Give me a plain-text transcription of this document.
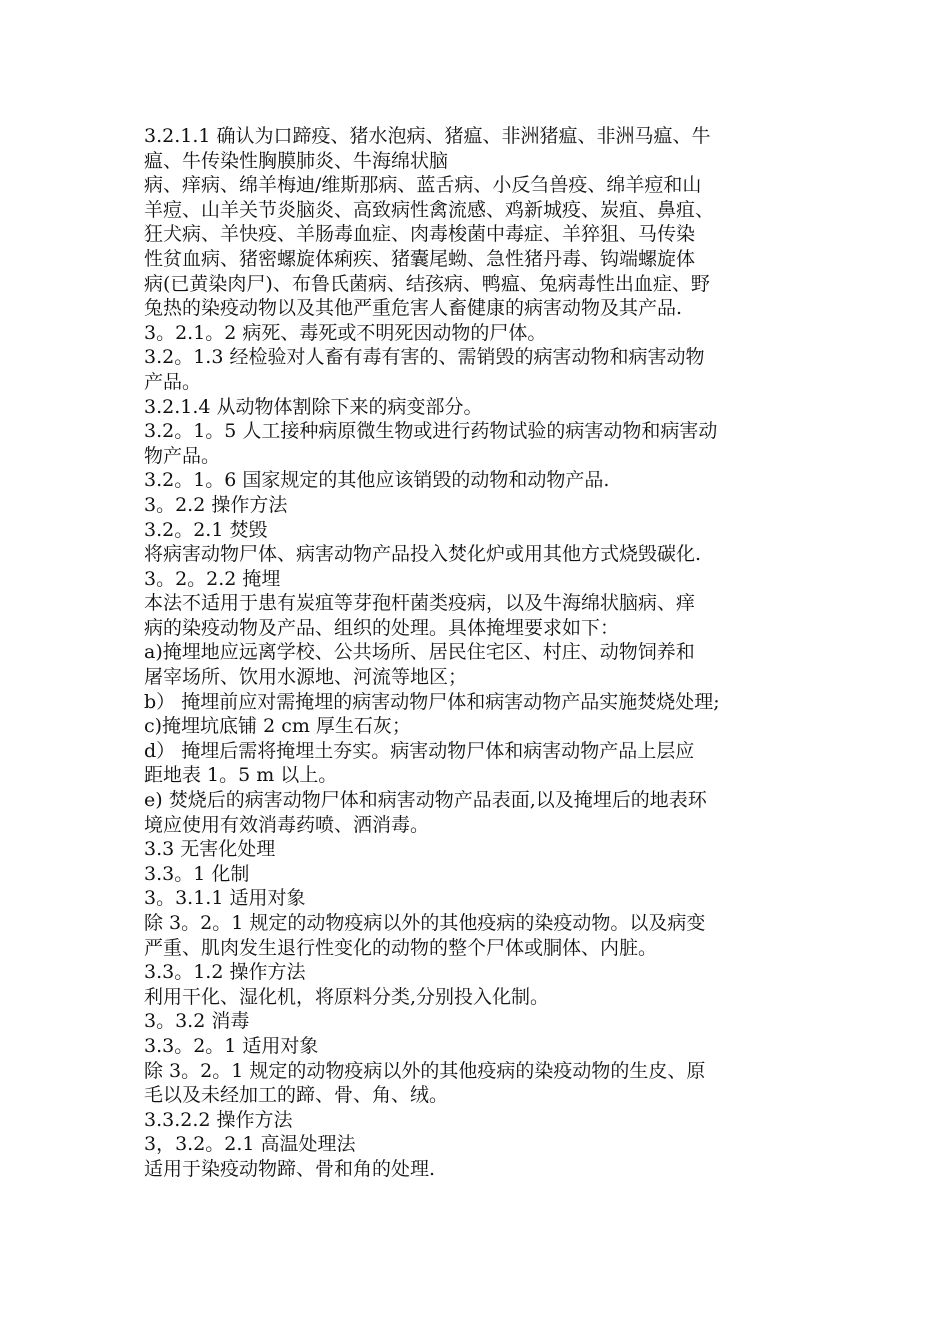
3.2.1.1 确认为口蹄疫、猪水泡病、猪瘟、非洲猪瘟、非洲马瘟、牛

瘟、牛传染性胸膜肺炎、牛海绵状脑

病、痒病、绵羊梅迪/维斯那病、蓝舌病、小反刍兽疫、绵羊痘和山

羊痘、山羊关节炎脑炎、高致病性禽流感、鸡新城疫、炭疽、鼻疽、

狂犬病、羊快疫、羊肠毒血症、肉毒梭菌中毒症、羊猝狙、马传染

性贫血病、猪密螺旋体痢疾、猪囊尾蚴、急性猪丹毒、钩端螺旋体

病(已黄染肉尸)、布鲁氏菌病、结孩病、鸭瘟、兔病毒性出血症、野

兔热的染疫动物以及其他严重危害人畜健康的病害动物及其产品.

3。2.1。2 病死、毒死或不明死因动物的尸体。

3.2。1.3 经检验对人畜有毒有害的、需销毁的病害动物和病害动物

产品。

3.2.1.4 从动物体割除下来的病变部分。

3.2。1。5 人工接种病原微生物或进行药物试验的病害动物和病害动

物产品。

3.2。1。6 国家规定的其他应该销毁的动物和动物产品.

3。2.2 操作方法

3.2。2.1 焚毁

将病害动物尸体、病害动物产品投入焚化炉或用其他方式烧毁碳化.

3。2。2.2 掩埋

本法不适用于患有炭疽等芽孢杆菌类疫病，以及牛海绵状脑病、痒

病的染疫动物及产品、组织的处理。具体掩埋要求如下：

a)掩埋地应远离学校、公共场所、居民住宅区、村庄、动物饲养和

屠宰场所、饮用水源地、河流等地区；

b） 掩埋前应对需掩埋的病害动物尸体和病害动物产品实施焚烧处理;

c)掩埋坑底铺 2 cm 厚生石灰；

d） 掩埋后需将掩埋土夯实。病害动物尸体和病害动物产品上层应

距地表 1。5 m 以上。

e) 焚烧后的病害动物尸体和病害动物产品表面,以及掩埋后的地表环

境应使用有效消毒药喷、洒消毒。

3.3 无害化处理

3.3。1 化制

3。3.1.1 适用对象

除 3。2。1 规定的动物疫病以外的其他疫病的染疫动物。以及病变

严重、肌肉发生退行性变化的动物的整个尸体或胴体、内脏。

3.3。1.2 操作方法

利用干化、湿化机，将原料分类,分别投入化制。

3。3.2 消毒

3.3。2。1 适用对象

除 3。2。1 规定的动物疫病以外的其他疫病的染疫动物的生皮、原

毛以及未经加工的蹄、骨、角、绒。

3.3.2.2 操作方法

3，3.2。2.1 高温处理法

适用于染疫动物蹄、骨和角的处理.
